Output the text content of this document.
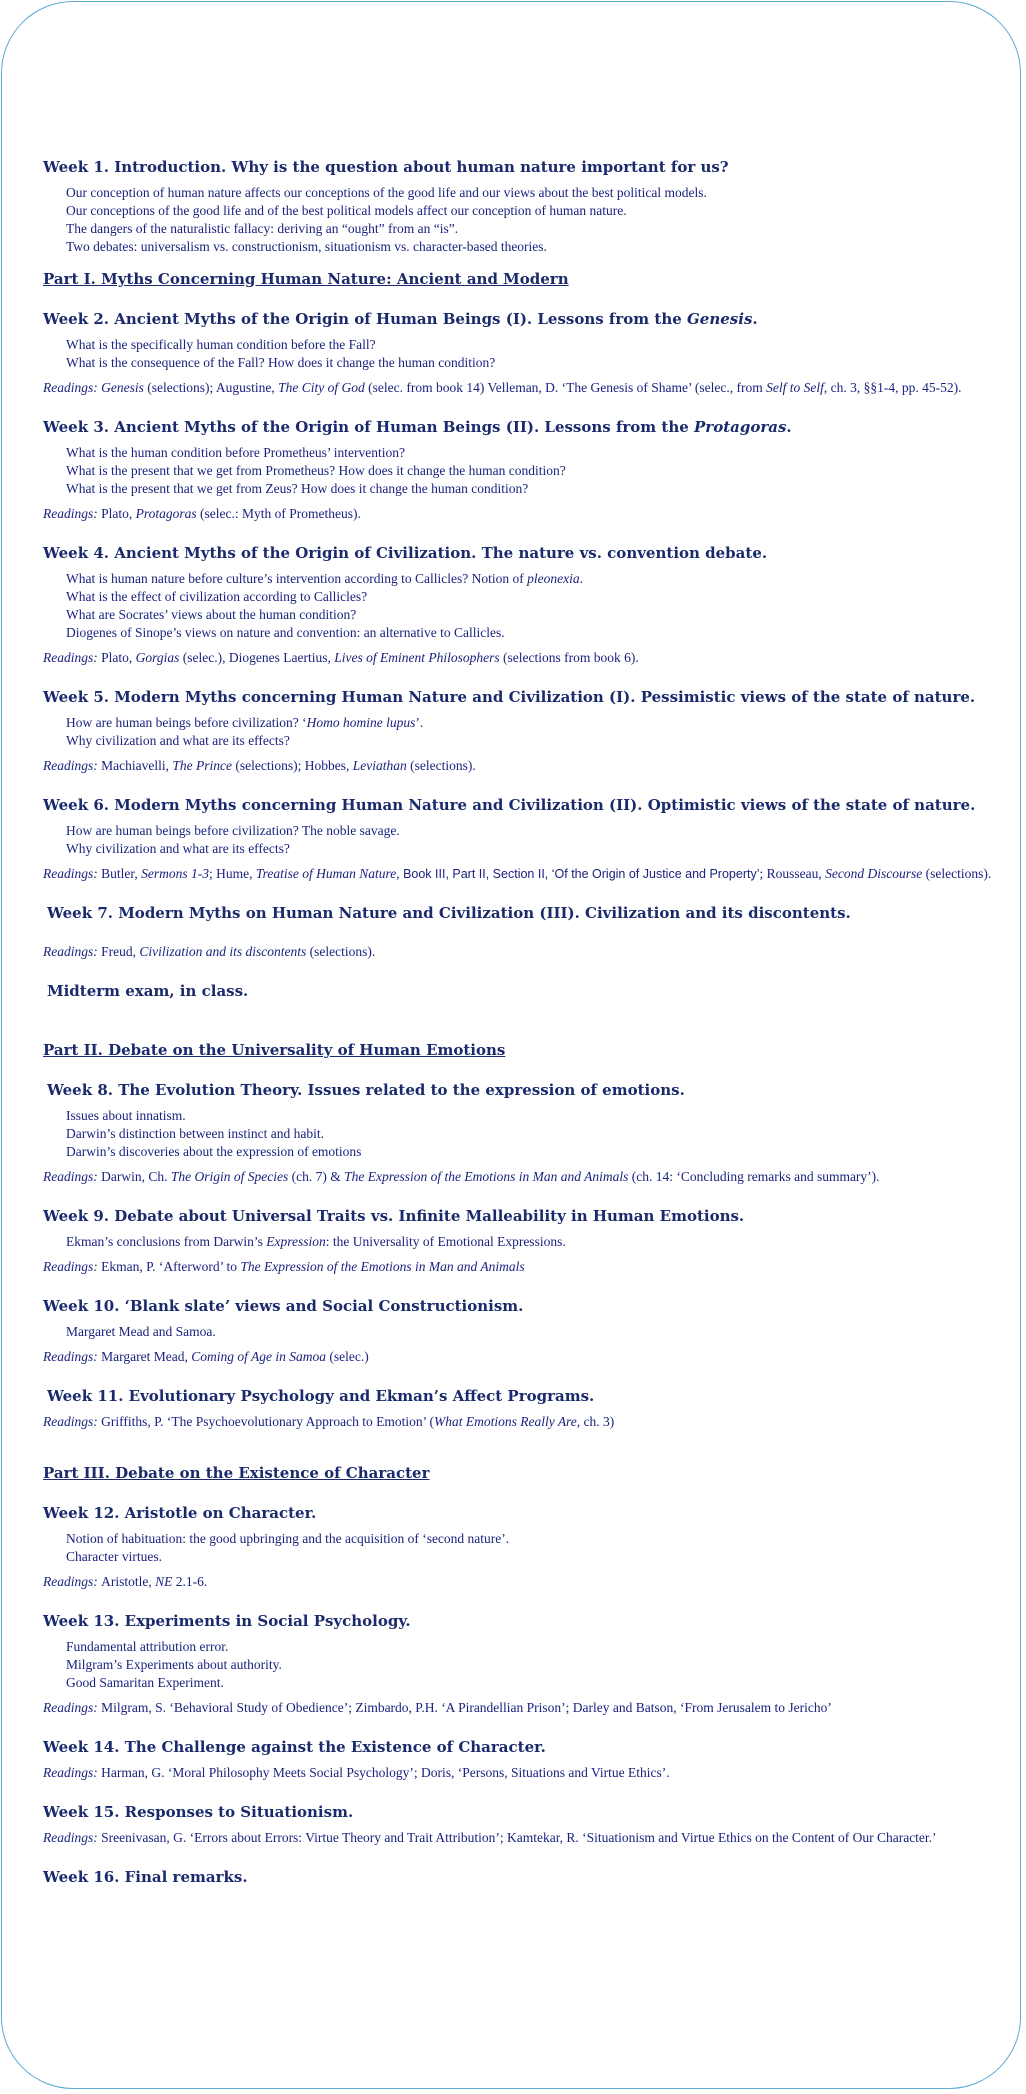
Week 1. Introduction. Why is the question about human nature important for us?

Our conception of human nature affects our conceptions of the good life and our views about the best political models.

Our conceptions of the good life and of the best political models affect our conception of human nature.

The dangers of the naturalistic fallacy: deriving an “ought” from an “is”.

Two debates: universalism vs. constructionism, situationism vs. character-based theories.

Part I. Myths Concerning Human Nature: Ancient and Modern

Week 2. Ancient Myths of the Origin of Human Beings (I). Lessons from the Genesis.

What is the specifically human condition before the Fall?

What is the consequence of the Fall? How does it change the human condition?

Readings: Genesis (selections); Augustine, The City of God (selec. from book 14) Velleman, D. ‘The Genesis of Shame’ (selec., from Self to Self, ch. 3, §§1-4, pp. 45-52).

Week 3. Ancient Myths of the Origin of Human Beings (II). Lessons from the Protagoras.

What is the human condition before Prometheus’ intervention?

What is the present that we get from Prometheus? How does it change the human condition?

What is the present that we get from Zeus? How does it change the human condition?

Readings: Plato, Protagoras (selec.: Myth of Prometheus).

Week 4. Ancient Myths of the Origin of Civilization. The nature vs. convention debate.

What is human nature before culture’s intervention according to Callicles? Notion of pleonexia.

What is the effect of civilization according to Callicles?

What are Socrates’ views about the human condition?

Diogenes of Sinope’s views on nature and convention: an alternative to Callicles.

Readings: Plato, Gorgias (selec.), Diogenes Laertius, Lives of Eminent Philosophers (selections from book 6).

Week 5. Modern Myths concerning Human Nature and Civilization (I). Pessimistic views of the state of nature.

How are human beings before civilization? ‘Homo homine lupus’.

Why civilization and what are its effects?

Readings: Machiavelli, The Prince (selections); Hobbes, Leviathan (selections).

Week 6. Modern Myths concerning Human Nature and Civilization (II). Optimistic views of the state of nature.

How are human beings before civilization? The noble savage.

Why civilization and what are its effects?

Readings: Butler, Sermons 1-3; Hume, Treatise of Human Nature, Book III, Part II, Section II, ‘Of the Origin of Justice and Property’; Rousseau, Second Discourse (selections).

Week 7. Modern Myths on Human Nature and Civilization (III). Civilization and its discontents.

Readings: Freud, Civilization and its discontents (selections).

Midterm exam, in class.

Part II. Debate on the Universality of Human Emotions

Week 8. The Evolution Theory. Issues related to the expression of emotions.

Issues about innatism.

Darwin’s distinction between instinct and habit.

Darwin’s discoveries about the expression of emotions

Readings: Darwin, Ch. The Origin of Species (ch. 7) & The Expression of the Emotions in Man and Animals (ch. 14: ‘Concluding remarks and summary’).

Week 9. Debate about Universal Traits vs. Infinite Malleability in Human Emotions.

Ekman’s conclusions from Darwin’s Expression: the Universality of Emotional Expressions.

Readings: Ekman, P. ‘Afterword’ to The Expression of the Emotions in Man and Animals

Week 10. ‘Blank slate’ views and Social Constructionism.

Margaret Mead and Samoa.

Readings: Margaret Mead, Coming of Age in Samoa (selec.)

Week 11. Evolutionary Psychology and Ekman’s Affect Programs.

Readings: Griffiths, P. ‘The Psychoevolutionary Approach to Emotion’ (What Emotions Really Are, ch. 3)

Part III. Debate on the Existence of Character

Week 12. Aristotle on Character.

Notion of habituation: the good upbringing and the acquisition of ‘second nature’.

Character virtues.

Readings: Aristotle, NE 2.1-6.

Week 13. Experiments in Social Psychology.

Fundamental attribution error.

Milgram’s Experiments about authority.

Good Samaritan Experiment.

Readings: Milgram, S. ‘Behavioral Study of Obedience’; Zimbardo, P.H. ‘A Pirandellian Prison’; Darley and Batson, ‘From Jerusalem to Jericho’

Week 14. The Challenge against the Existence of Character.

Readings: Harman, G. ‘Moral Philosophy Meets Social Psychology’; Doris, ‘Persons, Situations and Virtue Ethics’.

Week 15. Responses to Situationism.

Readings: Sreenivasan, G. ‘Errors about Errors: Virtue Theory and Trait Attribution’; Kamtekar, R. ‘Situationism and Virtue Ethics on the Content of Our Character.’

Week 16. Final remarks.
